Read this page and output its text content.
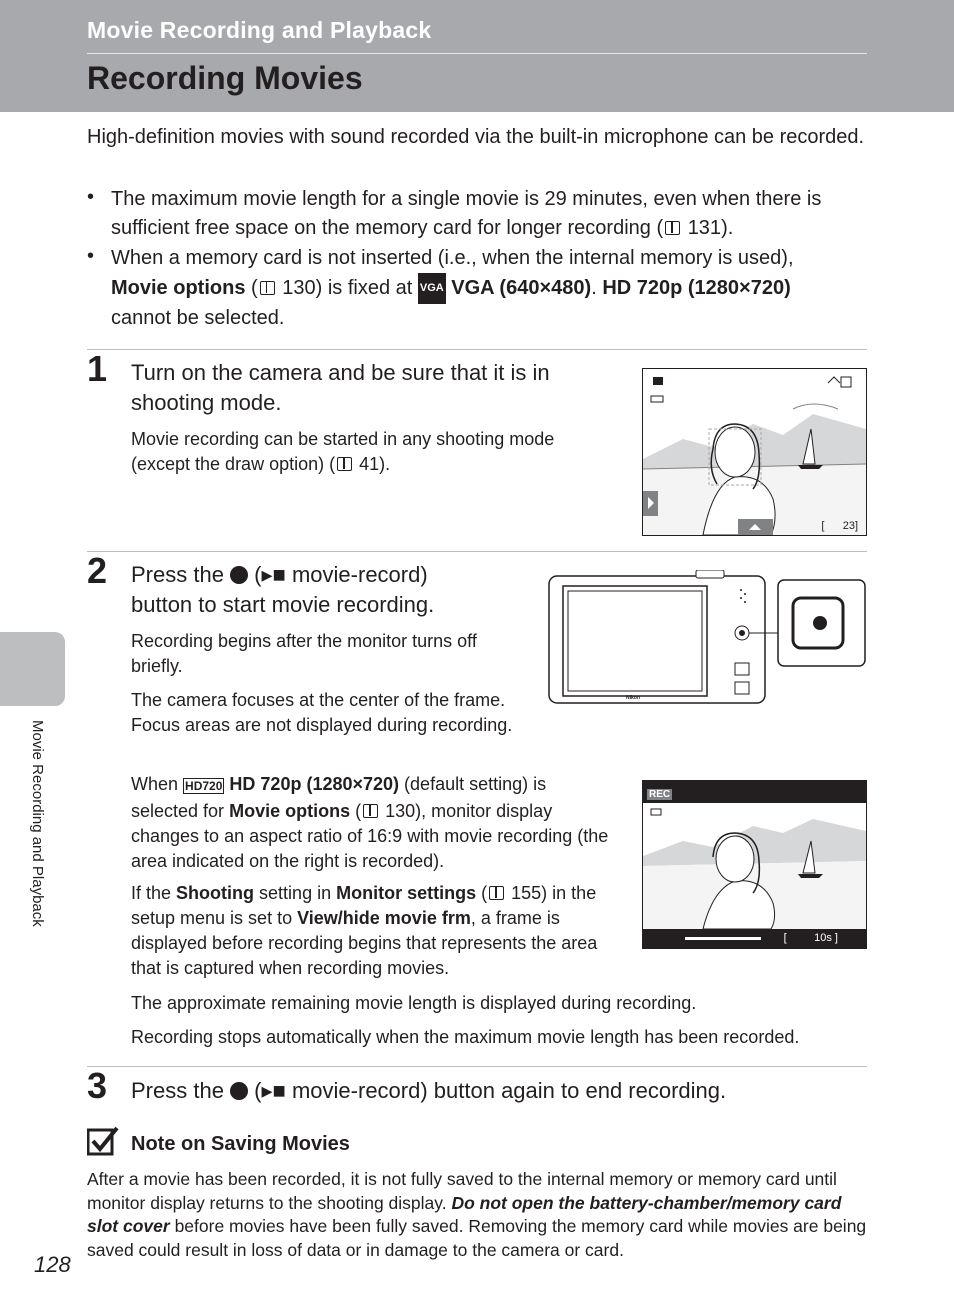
Movie Recording and Playback
Recording Movies
High-definition movies with sound recorded via the built-in microphone can be recorded.
• The maximum movie length for a single movie is 29 minutes, even when there is sufficient free space on the memory card for longer recording ( 131).
• When a memory card is not inserted (i.e., when the internal memory is used),
Movie options ( 130) is fixed at VGA VGA (640×480). HD 720p (1280×720)
cannot be selected.
1 Turn on the camera and be sure that it is in shooting mode.
Movie recording can be started in any shooting mode (except the draw option) ( 41).
[      23]
2 Press the  (▸■ movie-record)
button to start movie recording.
Recording begins after the monitor turns off briefly.
The camera focuses at the center of the frame. Focus areas are not displayed during recording.
Nikon
When HD720 HD 720p (1280×720) (default setting) is selected for Movie options ( 130), monitor display changes to an aspect ratio of 16:9 with movie recording (the area indicated on the right is recorded).
REC
[         10s ]
If the Shooting setting in Monitor settings ( 155) in the setup menu is set to View/hide movie frm, a frame is displayed before recording begins that represents the area that is captured when recording movies.
The approximate remaining movie length is displayed during recording.
Recording stops automatically when the maximum movie length has been recorded.
3 Press the  (▸■ movie-record) button again to end recording.
Note on Saving Movies
After a movie has been recorded, it is not fully saved to the internal memory or memory card until monitor display returns to the shooting display. Do not open the battery-chamber/memory card slot cover before movies have been fully saved. Removing the memory card while movies are being saved could result in loss of data or in damage to the camera or card.
Movie Recording and Playback
128
